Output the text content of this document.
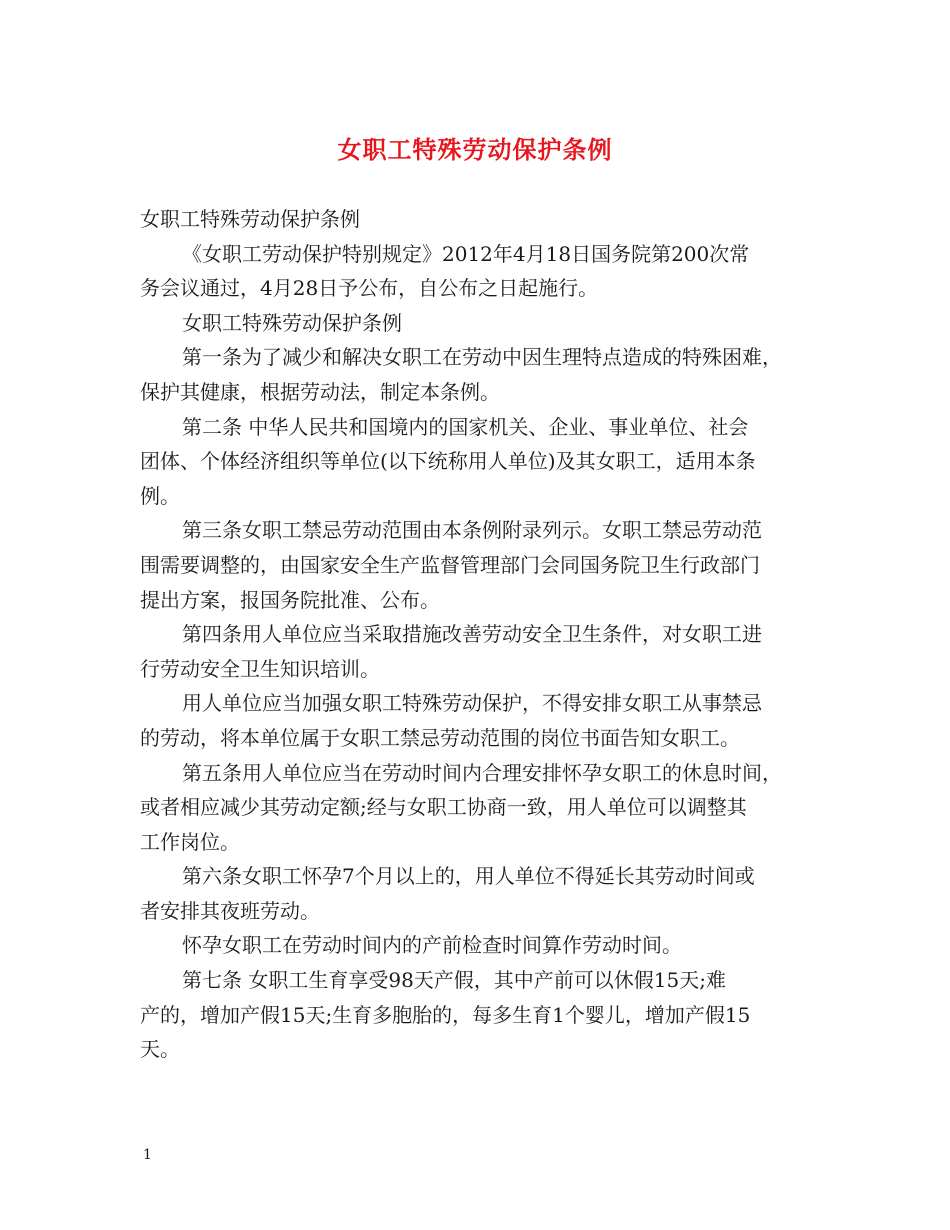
女职工特殊劳动保护条例
女职工特殊劳动保护条例
《女职工劳动保护特别规定》2012年4月18日国务院第200次常
务会议通过，4月28日予公布，自公布之日起施行。
女职工特殊劳动保护条例
第一条为了减少和解决女职工在劳动中因生理特点造成的特殊困难，
保护其健康，根据劳动法，制定本条例。
第二条 中华人民共和国境内的国家机关、企业、事业单位、社会
团体、个体经济组织等单位(以下统称用人单位)及其女职工，适用本条
例。
第三条女职工禁忌劳动范围由本条例附录列示。女职工禁忌劳动范
围需要调整的，由国家安全生产监督管理部门会同国务院卫生行政部门
提出方案，报国务院批准、公布。
第四条用人单位应当采取措施改善劳动安全卫生条件，对女职工进
行劳动安全卫生知识培训。
用人单位应当加强女职工特殊劳动保护，不得安排女职工从事禁忌
的劳动，将本单位属于女职工禁忌劳动范围的岗位书面告知女职工。
第五条用人单位应当在劳动时间内合理安排怀孕女职工的休息时间，
或者相应减少其劳动定额;经与女职工协商一致，用人单位可以调整其
工作岗位。
第六条女职工怀孕7个月以上的，用人单位不得延长其劳动时间或
者安排其夜班劳动。
怀孕女职工在劳动时间内的产前检查时间算作劳动时间。
第七条 女职工生育享受98天产假，其中产前可以休假15天;难
产的，增加产假15天;生育多胞胎的，每多生育1个婴儿，增加产假15
天。
1
